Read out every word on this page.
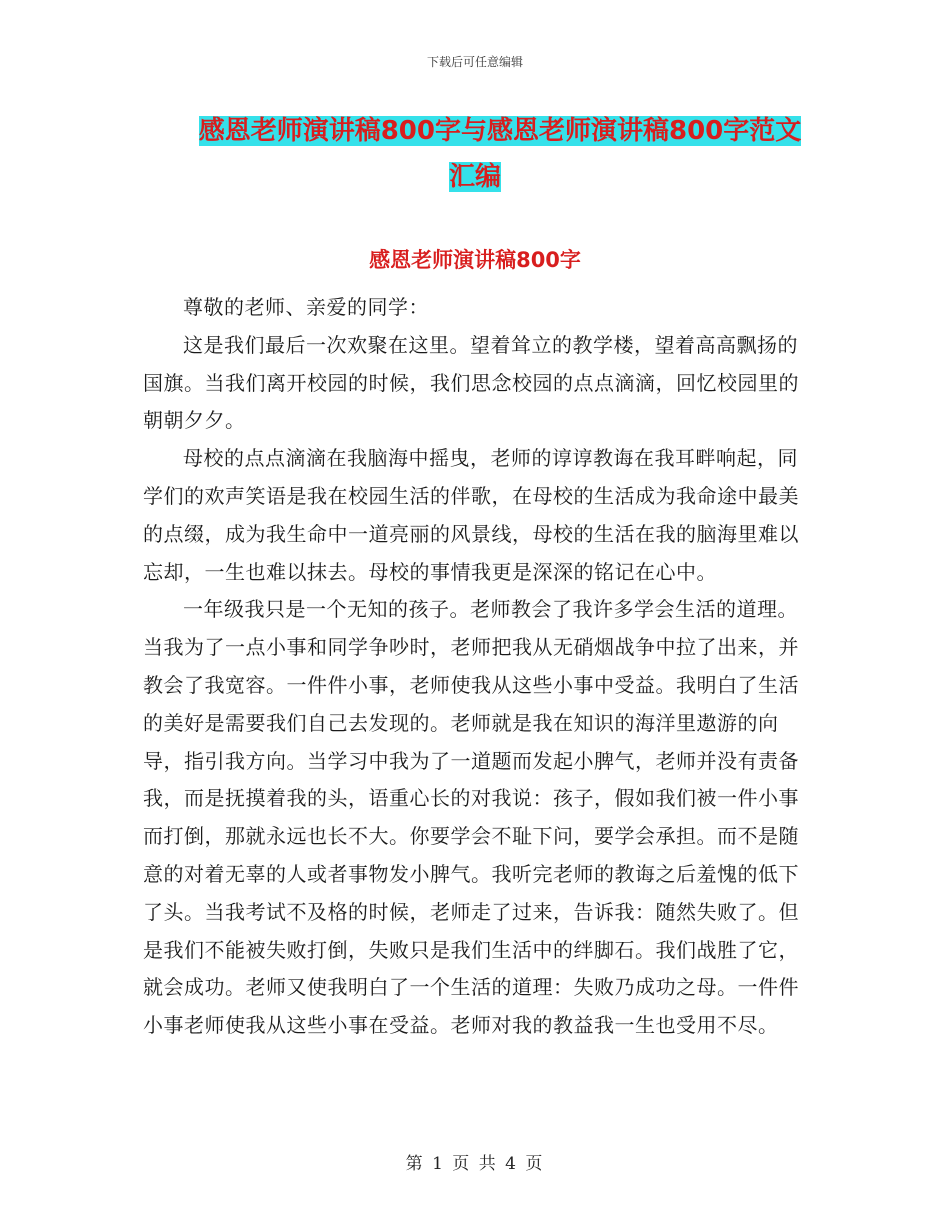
下载后可任意编辑
感恩老师演讲稿800字与感恩老师演讲稿800字范文
汇编
感恩老师演讲稿800字

尊敬的老师、亲爱的同学：

这是我们最后一次欢聚在这里。望着耸立的教学楼，望着高高飘扬的国旗。当我们离开校园的时候，我们思念校园的点点滴滴，回忆校园里的朝朝夕夕。

母校的点点滴滴在我脑海中摇曳，老师的谆谆教诲在我耳畔响起，同学们的欢声笑语是我在校园生活的伴歌，在母校的生活成为我命途中最美的点缀，成为我生命中一道亮丽的风景线，母校的生活在我的脑海里难以忘却，一生也难以抹去。母校的事情我更是深深的铭记在心中。

一年级我只是一个无知的孩子。老师教会了我许多学会生活的道理。当我为了一点小事和同学争吵时，老师把我从无硝烟战争中拉了出来，并教会了我宽容。一件件小事，老师使我从这些小事中受益。我明白了生活的美好是需要我们自己去发现的。老师就是我在知识的海洋里遨游的向导，指引我方向。当学习中我为了一道题而发起小脾气，老师并没有责备我，而是抚摸着我的头，语重心长的对我说：孩子，假如我们被一件小事而打倒，那就永远也长不大。你要学会不耻下问，要学会承担。而不是随意的对着无辜的人或者事物发小脾气。我听完老师的教诲之后羞愧的低下了头。当我考试不及格的时候，老师走了过来，告诉我：随然失败了。但是我们不能被失败打倒，失败只是我们生活中的绊脚石。我们战胜了它，就会成功。老师又使我明白了一个生活的道理：失败乃成功之母。一件件小事老师使我从这些小事在受益。老师对我的教益我一生也受用不尽。

第 1 页 共 4 页
